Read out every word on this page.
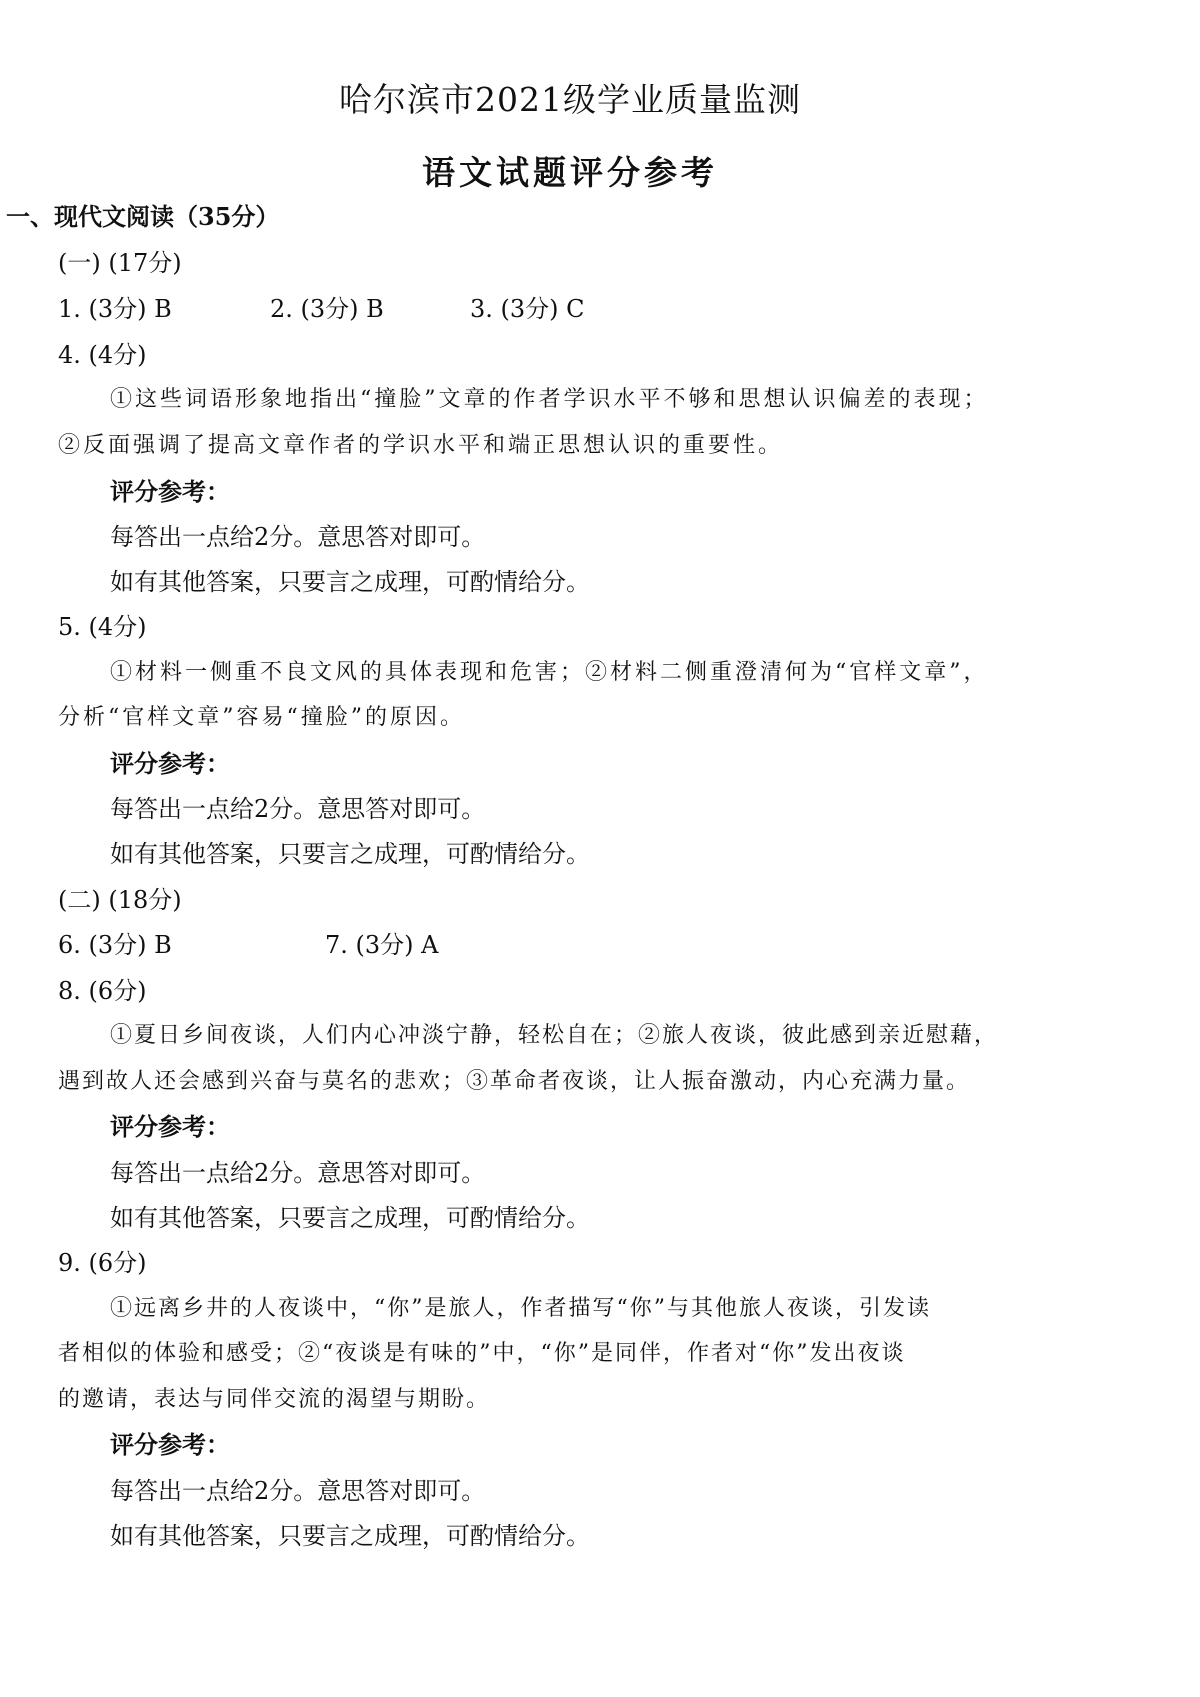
哈尔滨市2021级学业质量监测
语文试题评分参考
一、现代文阅读（35分）
(一) (17分)
1. (3分) B	2. (3分) B	3. (3分) C
4. (4分)
①这些词语形象地指出“撞脸”文章的作者学识水平不够和思想认识偏差的表现；
②反面强调了提高文章作者的学识水平和端正思想认识的重要性。
评分参考：
每答出一点给2分。意思答对即可。
如有其他答案，只要言之成理，可酌情给分。
5. (4分)
①材料一侧重不良文风的具体表现和危害；②材料二侧重澄清何为“官样文章”，
分析“官样文章”容易“撞脸”的原因。
评分参考：
每答出一点给2分。意思答对即可。
如有其他答案，只要言之成理，可酌情给分。
(二) (18分)
6. (3分) B	7. (3分) A
8. (6分)
①夏日乡间夜谈，人们内心冲淡宁静，轻松自在；②旅人夜谈，彼此感到亲近慰藉，
遇到故人还会感到兴奋与莫名的悲欢；③革命者夜谈，让人振奋激动，内心充满力量。
评分参考：
每答出一点给2分。意思答对即可。
如有其他答案，只要言之成理，可酌情给分。
9. (6分)
①远离乡井的人夜谈中，“你”是旅人，作者描写“你”与其他旅人夜谈，引发读
者相似的体验和感受；②“夜谈是有味的”中，“你”是同伴，作者对“你”发出夜谈
的邀请，表达与同伴交流的渴望与期盼。
评分参考：
每答出一点给2分。意思答对即可。
如有其他答案，只要言之成理，可酌情给分。
